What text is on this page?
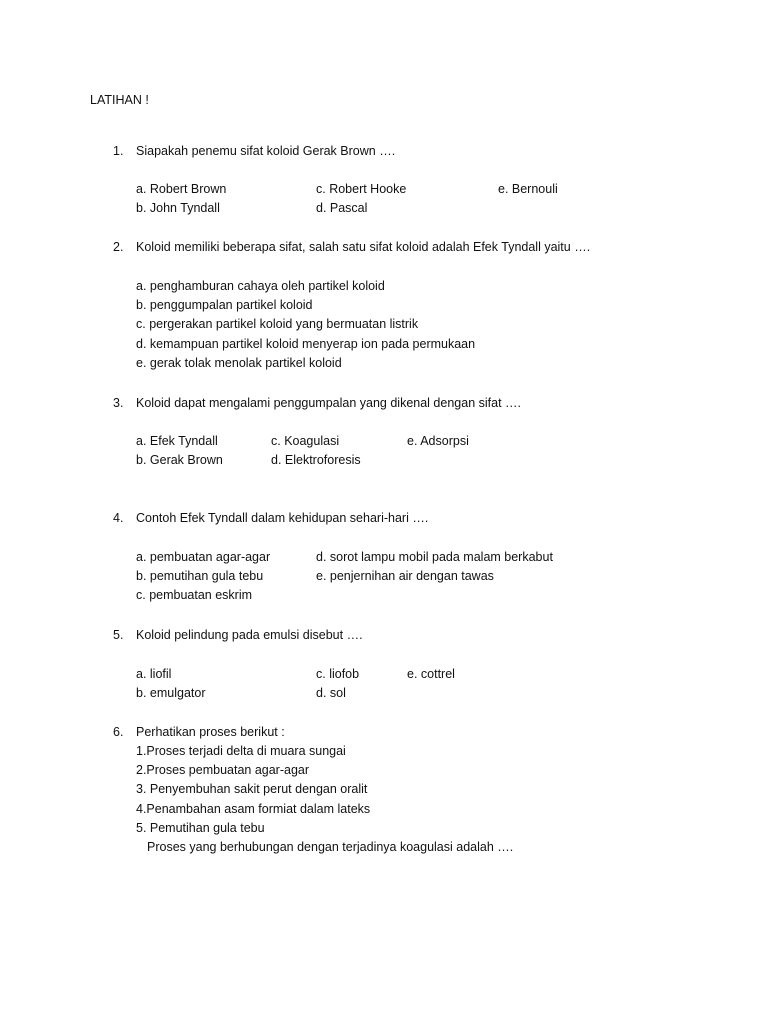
LATIHAN !
1. Siapakah penemu sifat koloid Gerak Brown ….
a. Robert Brown
b. John Tyndall
c. Robert Hooke
d. Pascal
e. Bernouli
2. Koloid memiliki beberapa sifat, salah satu sifat koloid adalah Efek Tyndall yaitu ….
a. penghamburan cahaya oleh partikel koloid
b. penggumpalan partikel koloid
c. pergerakan partikel koloid yang bermuatan listrik
d. kemampuan partikel koloid menyerap ion pada permukaan
e. gerak tolak menolak partikel koloid
3. Koloid dapat mengalami penggumpalan yang dikenal dengan sifat ….
a. Efek Tyndall
b. Gerak Brown
c. Koagulasi
d. Elektroforesis
e. Adsorpsi
4. Contoh Efek Tyndall dalam kehidupan sehari-hari ….
a. pembuatan agar-agar
b. pemutihan gula tebu
c. pembuatan eskrim
d. sorot lampu mobil pada malam berkabut
e. penjernihan air dengan tawas
5. Koloid pelindung pada emulsi disebut ….
a. liofil
b. emulgator
c. liofob
d. sol
e. cottrel
6. Perhatikan proses berikut :
1.Proses terjadi delta di muara sungai
2.Proses pembuatan agar-agar
3. Penyembuhan sakit perut dengan oralit
4.Penambahan asam formiat dalam lateks
5. Pemutihan gula tebu
Proses yang berhubungan dengan terjadinya koagulasi adalah ….
